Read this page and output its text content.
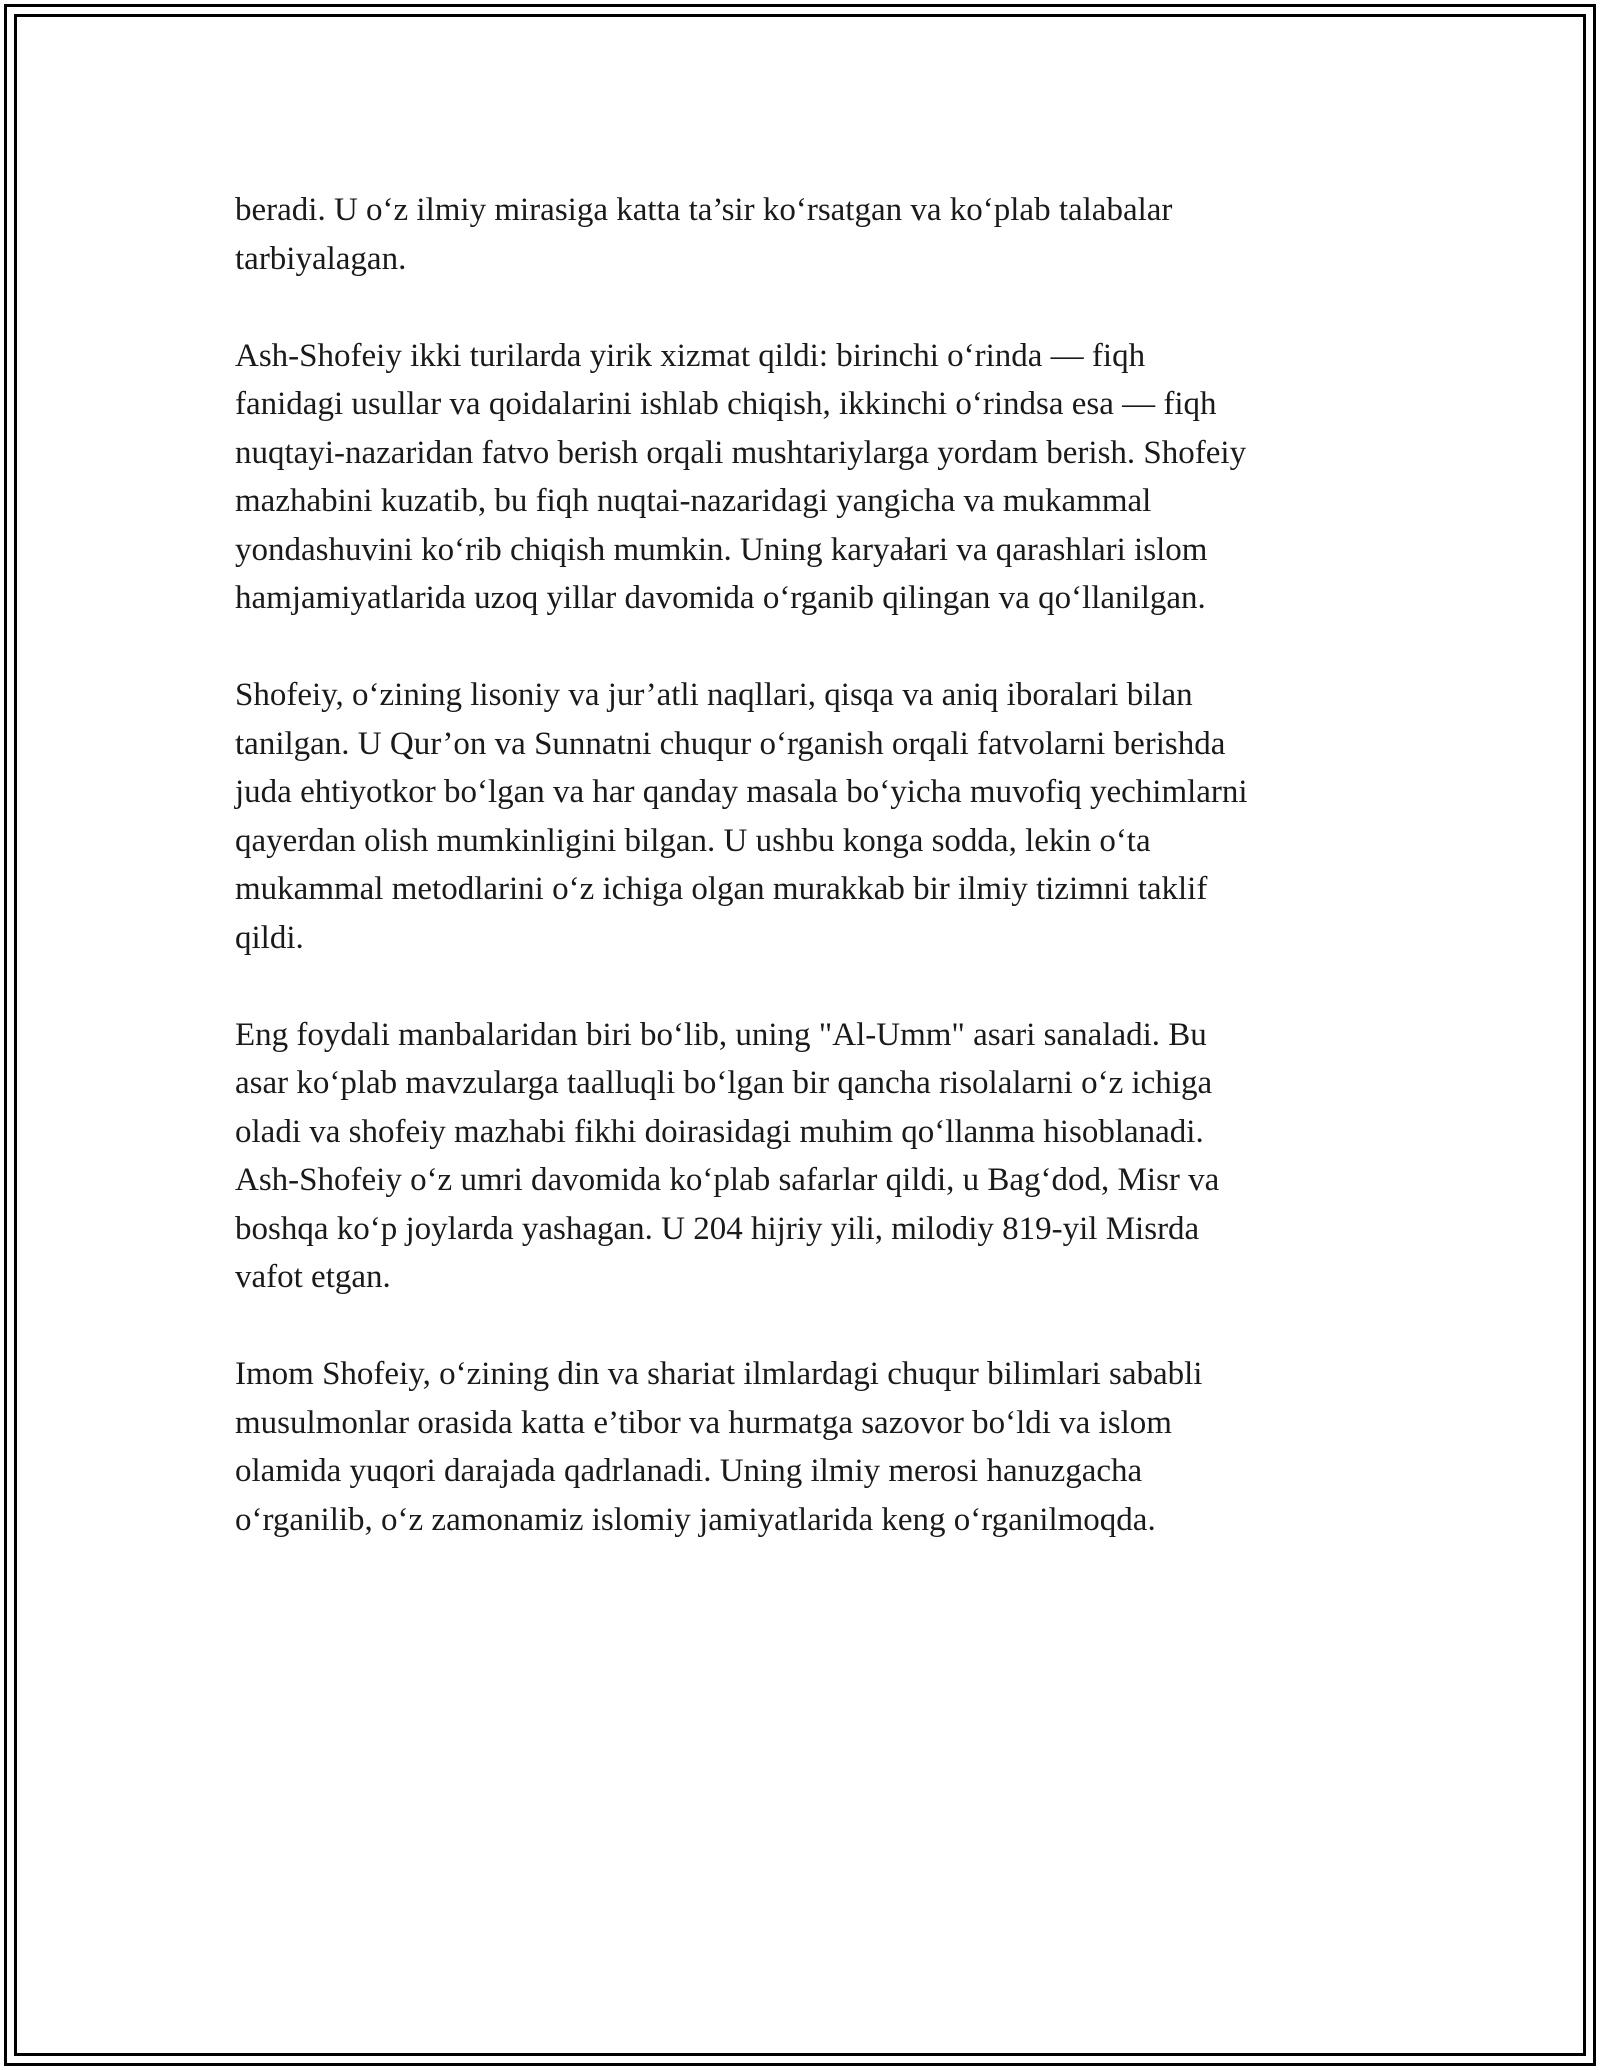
beradi. U o‘z ilmiy mirasiga katta ta’sir ko‘rsatgan va ko‘plab talabalar
tarbiyalagan.
Ash-Shofeiy ikki turilarda yirik xizmat qildi: birinchi o‘rinda — fiqh
fanidagi usullar va qoidalarini ishlab chiqish, ikkinchi o‘rindsa esa — fiqh
nuqtayi-nazaridan fatvo berish orqali mushtariylarga yordam berish. Shofeiy
mazhabini kuzatib, bu fiqh nuqtai-nazaridagi yangicha va mukammal
yondashuvini ko‘rib chiqish mumkin. Uning karyałari va qarashlari islom
hamjamiyatlarida uzoq yillar davomida o‘rganib qilingan va qo‘llanilgan.
Shofeiy, o‘zining lisoniy va jur’atli naqllari, qisqa va aniq iboralari bilan
tanilgan. U Qur’on va Sunnatni chuqur o‘rganish orqali fatvolarni berishda
juda ehtiyotkor bo‘lgan va har qanday masala bo‘yicha muvofiq yechimlarni
qayerdan olish mumkinligini bilgan. U ushbu konga sodda, lekin o‘ta
mukammal metodlarini o‘z ichiga olgan murakkab bir ilmiy tizimni taklif
qildi.
Eng foydali manbalaridan biri bo‘lib, uning "Al-Umm" asari sanaladi. Bu
asar ko‘plab mavzularga taalluqli bo‘lgan bir qancha risolalarni o‘z ichiga
oladi va shofeiy mazhabi fikhi doirasidagi muhim qo‘llanma hisoblanadi.
Ash-Shofeiy o‘z umri davomida ko‘plab safarlar qildi, u Bag‘dod, Misr va
boshqa ko‘p joylarda yashagan. U 204 hijriy yili, milodiy 819-yil Misrda
vafot etgan.
Imom Shofeiy, o‘zining din va shariat ilmlardagi chuqur bilimlari sababli
musulmonlar orasida katta e’tibor va hurmatga sazovor bo‘ldi va islom
olamida yuqori darajada qadrlanadi. Uning ilmiy merosi hanuzgacha
o‘rganilib, o‘z zamonamiz islomiy jamiyatlarida keng o‘rganilmoqda.
